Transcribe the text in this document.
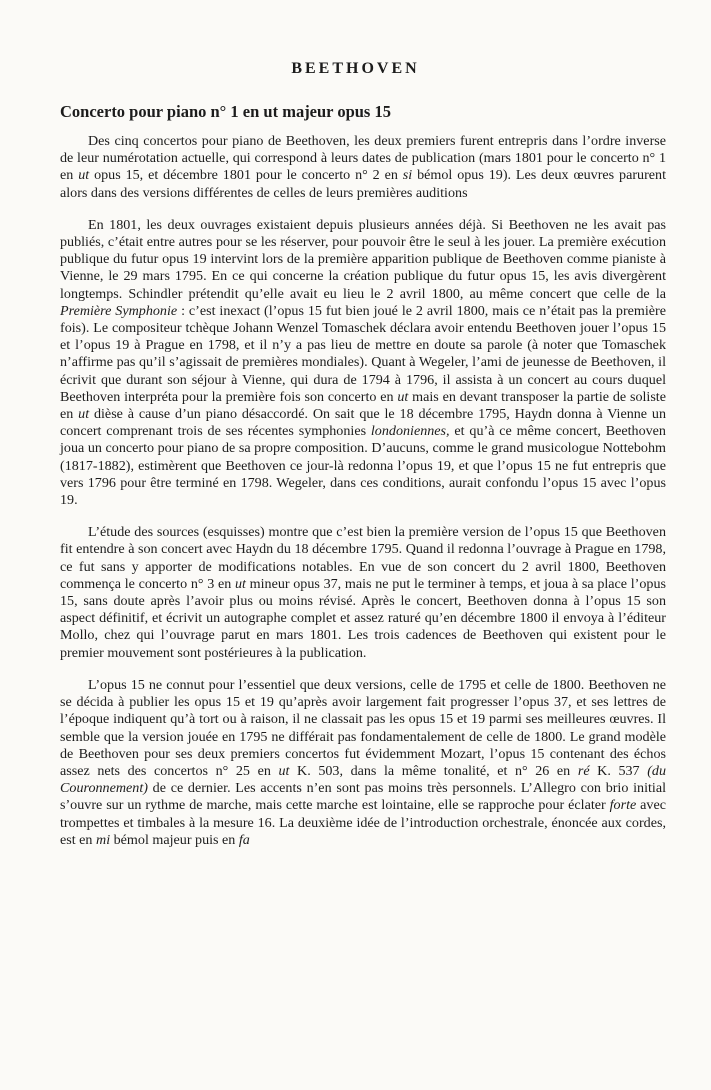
BEETHOVEN
Concerto pour piano n° 1 en ut majeur opus 15

Des cinq concertos pour piano de Beethoven, les deux premiers furent entrepris dans l’ordre inverse de leur numérotation actuelle, qui correspond à leurs dates de publication (mars 1801 pour le concerto n° 1 en ut opus 15, et décembre 1801 pour le concerto n° 2 en si bémol opus 19). Les deux œuvres parurent alors dans des versions différentes de celles de leurs premières auditions

En 1801, les deux ouvrages existaient depuis plusieurs années déjà. Si Beethoven ne les avait pas publiés, c’était entre autres pour se les réserver, pour pouvoir être le seul à les jouer. La première exécution publique du futur opus 19 intervint lors de la première apparition publique de Beethoven comme pianiste à Vienne, le 29 mars 1795. En ce qui concerne la création publique du futur opus 15, les avis divergèrent longtemps. Schindler prétendit qu’elle avait eu lieu le 2 avril 1800, au même concert que celle de la Première Symphonie : c’est inexact (l’opus 15 fut bien joué le 2 avril 1800, mais ce n’était pas la première fois). Le compositeur tchèque Johann Wenzel Tomaschek déclara avoir entendu Beethoven jouer l’opus 15 et l’opus 19 à Prague en 1798, et il n’y a pas lieu de mettre en doute sa parole (à noter que Tomaschek n’affirme pas qu’il s’agissait de premières mondiales). Quant à Wegeler, l’ami de jeunesse de Beethoven, il écrivit que durant son séjour à Vienne, qui dura de 1794 à 1796, il assista à un concert au cours duquel Beethoven interpréta pour la première fois son concerto en ut mais en devant transposer la partie de soliste en ut dièse à cause d’un piano désaccordé. On sait que le 18 décembre 1795, Haydn donna à Vienne un concert comprenant trois de ses récentes symphonies londoniennes, et qu’à ce même concert, Beethoven joua un concerto pour piano de sa propre composition. D’aucuns, comme le grand musicologue Nottebohm (1817-1882), estimèrent que Beethoven ce jour-là redonna l’opus 19, et que l’opus 15 ne fut entrepris que vers 1796 pour être terminé en 1798. Wegeler, dans ces conditions, aurait confondu l’opus 15 avec l’opus 19.

L’étude des sources (esquisses) montre que c’est bien la première version de l’opus 15 que Beethoven fit entendre à son concert avec Haydn du 18 décembre 1795. Quand il redonna l’ouvrage à Prague en 1798, ce fut sans y apporter de modifications notables. En vue de son concert du 2 avril 1800, Beethoven commença le concerto n° 3 en ut mineur opus 37, mais ne put le terminer à temps, et joua à sa place l’opus 15, sans doute après l’avoir plus ou moins révisé. Après le concert, Beethoven donna à l’opus 15 son aspect définitif, et écrivit un autographe complet et assez raturé qu’en décembre 1800 il envoya à l’éditeur Mollo, chez qui l’ouvrage parut en mars 1801. Les trois cadences de Beethoven qui existent pour le premier mouvement sont postérieures à la publication.

L’opus 15 ne connut pour l’essentiel que deux versions, celle de 1795 et celle de 1800. Beethoven ne se décida à publier les opus 15 et 19 qu’après avoir largement fait progresser l’opus 37, et ses lettres de l’époque indiquent qu’à tort ou à raison, il ne classait pas les opus 15 et 19 parmi ses meilleures œuvres. Il semble que la version jouée en 1795 ne différait pas fondamentalement de celle de 1800. Le grand modèle de Beethoven pour ses deux premiers concertos fut évidemment Mozart, l’opus 15 contenant des échos assez nets des concertos n° 25 en ut K. 503, dans la même tonalité, et n° 26 en ré K. 537 (du Couronnement) de ce dernier. Les accents n’en sont pas moins très personnels. L’Allegro con brio initial s’ouvre sur un rythme de marche, mais cette marche est lointaine, elle se rapproche pour éclater forte avec trompettes et timbales à la mesure 16. La deuxième idée de l’introduction orchestrale, énoncée aux cordes, est en mi bémol majeur puis en fa
